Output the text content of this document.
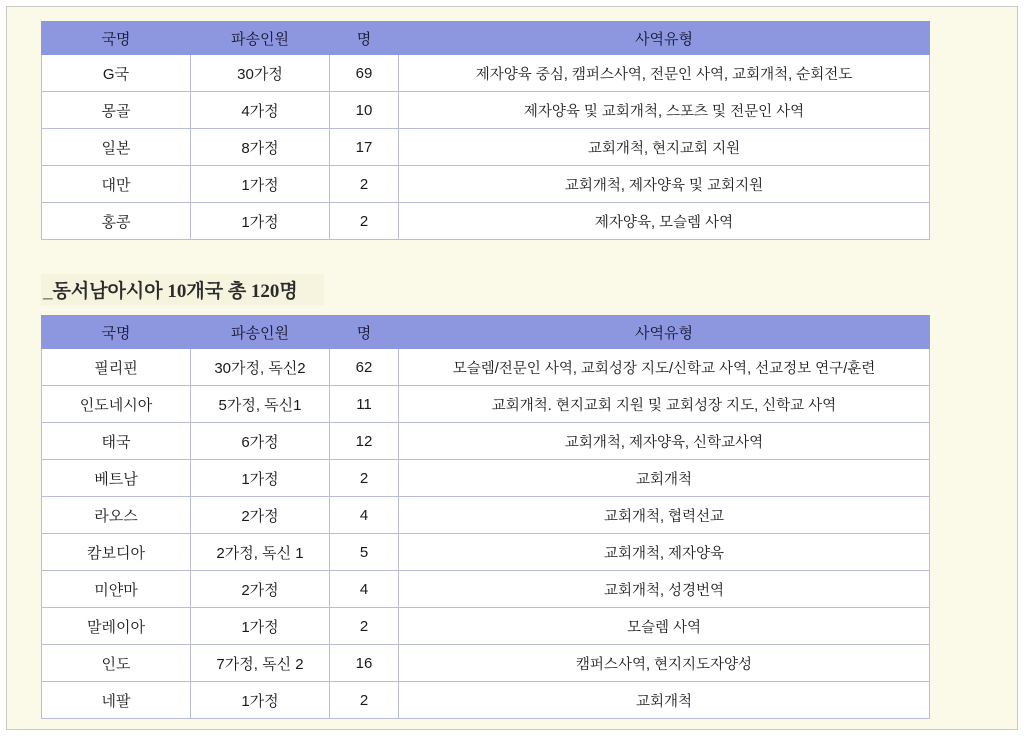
국명	파송인원	명	사역유형
G국	30가정	69	제자양육 중심, 캠퍼스사역, 전문인 사역, 교회개척, 순회전도
몽골	4가정	10	제자양육 및 교회개척, 스포츠 및 전문인 사역
일본	8가정	17	교회개척, 현지교회 지원
대만	1가정	2	교회개척, 제자양육 및 교회지원
홍콩	1가정	2	제자양육, 모슬렘 사역
_동서남아시아 10개국 총 120명
국명	파송인원	명	사역유형
필리핀	30가정, 독신2	62	모슬렘/전문인 사역, 교회성장 지도/신학교 사역, 선교정보 연구/훈련
인도네시아	5가정, 독신1	11	교회개척. 현지교회 지원 및 교회성장 지도, 신학교 사역
태국	6가정	12	교회개척, 제자양육, 신학교사역
베트남	1가정	2	교회개척
라오스	2가정	4	교회개척, 협력선교
캄보디아	2가정, 독신 1	5	교회개척, 제자양육
미얀마	2가정	4	교회개척, 성경번역
말레이아	1가정	2	모슬렘 사역
인도	7가정, 독신 2	16	캠퍼스사역, 현지지도자양성
네팔	1가정	2	교회개척
